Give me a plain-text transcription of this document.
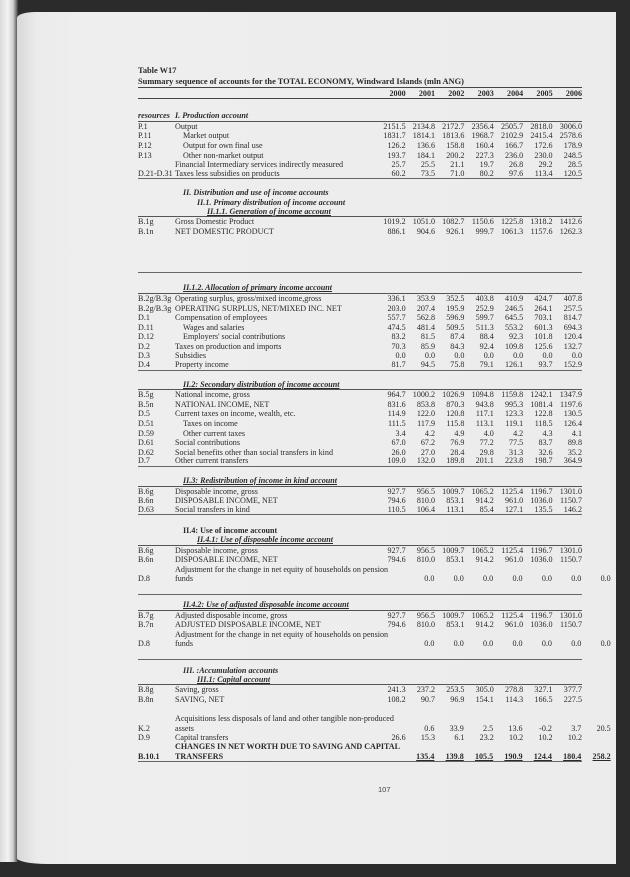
Table W17
Summary sequence of accounts for the TOTAL ECONOMY, Windward Islands (mln ANG)
2000	2001	2002	2003	2004	2005	2006
resources I. Production account
P.1	Output	2151.5 2134.8 2172.7 2356.4 2505.7 2818.0 3006.0
P.11	Market output	1831.7 1814.1 1813.6 1968.7 2102.9 2415.4 2578.6
P.12	Output for own final use	126.2	136.6	158.8	160.4	166.7	172.6	178.9
P.13	Other non-market output	193.7	184.1	200.2	227.3	236.0	230.0	248.5
Financial Intermediary services indirectly measured	25.7	25.5	21.1	19.7	26.8	29.2	28.5
D.21-D.31 Taxes less subsidies on products	60.2	73.5	71.0	80.2	97.6	113.4	120.5
II. Distribution and use of income accounts
II.1. Primary distribution of income account
II.1.1. Generation of income account
B.1g	Gross Domestic Product	1019.2 1051.0 1082.7 1150.6 1225.8 1318.2 1412.6
B.1n	NET DOMESTIC PRODUCT	886.1	904.6	926.1	999.7 1061.3 1157.6 1262.3
II.1.2. Allocation of primary income account
B.2g/B.3g Operating surplus, gross/mixed income,gross	336.1	353.9	352.5	403.8	410.9	424.7	407.8
B.2g/B.3g OPERATING SURPLUS, NET/MIXED INC. NET	203.0	207.4	195.9	252.9	246.5	264.1	257.5
D.1	Compensation of employees	557.7	562.8	596.9	599.7	645.5	703.1	814.7
D.11	Wages and salaries	474.5	481.4	509.5	511.3	553.2	601.3	694.3
D.12	Employers' social contributions	83.2	81.5	87.4	88.4	92.3	101.8	120.4
D.2	Taxes on production and imports	70.3	85.9	84.3	92.4	109.8	125.6	132.7
D.3	Subsidies	0.0	0.0	0.0	0.0	0.0	0.0	0.0
D.4	Property income	81.7	94.5	75.8	79.1	126.1	93.7	152.9
II.2: Secondary distribution of income account
B.5g	National income, gross	964.7 1000.2 1026.9 1094.8 1159.8 1242.1 1347.9
B.5n	NATIONAL INCOME, NET	831.6	853.8	870.3	943.8	995.3 1081.4 1197.6
D.5	Current taxes on income, wealth, etc.	114.9	122.0	120.8	117.1	123.3	122.8	130.5
D.51	Taxes on income	111.5	117.9	115.8	113.1	119.1	118.5	126.4
D.59	Other current taxes	3.4	4.2	4.9	4.0	4.2	4.3	4.1
D.61	Social contributions	67.0	67.2	76.9	77.2	77.5	83.7	89.8
D.62	Social benefits other than social transfers in kind	26.0	27.0	28.4	29.8	31.3	32.6	35.2
D.7	Other current transfers	109.0	132.0	189.8	201.1	223.8	198.7	364.9
II.3: Redistribution of income in kind account
B.6g	Disposable income, gross	927.7	956.5 1009.7 1065.2 1125.4 1196.7 1301.0
B.6n	DISPOSABLE INCOME, NET	794.6	810.0	853.1	914.2	961.0 1036.0 1150.7
D.63	Social transfers in kind	110.5	106.4	113.1	85.4	127.1	135.5	146.2
II.4: Use of income account
II.4.1: Use of disposable income account
B.6g	Disposable income, gross	927.7	956.5 1009.7 1065.2 1125.4 1196.7 1301.0
B.6n	DISPOSABLE INCOME, NET	794.6	810.0	853.1	914.2	961.0 1036.0 1150.7
D.8
Adjustment for the change in net equity of households on pension funds	0.0	0.0	0.0	0.0	0.0	0.0	0.0
II.4.2: Use of adjusted disposable income account
B.7g	Adjusted disposable income, gross	927.7	956.5 1009.7 1065.2 1125.4 1196.7 1301.0
B.7n	ADJUSTED DISPOSABLE INCOME, NET	794.6	810.0	853.1	914.2	961.0 1036.0 1150.7
D.8
Adjustment for the change in net equity of households on pension funds	0.0	0.0	0.0	0.0	0.0	0.0	0.0
III. :Accumulation accounts
III.1: Capital account
B.8g	Saving, gross	241.3	237.2	253.5	305.0	278.8	327.1	377.7
B.8n	SAVING, NET	108.2	90.7	96.9	154.1	114.3	166.5	227.5
K.2
Acquisitions less disposals of land and other tangible non-produced assets	0.6	33.9	2.5	13.6	-0.2	3.7	20.5
D.9	Capital transfers	26.6	15.3	6.1	23.2	10.2	10.2	10.2
B.10.1
CHANGES IN NET WORTH DUE TO SAVING AND CAPITAL TRANSFERS	135.4	139.8	105.5	190.9	124.4	180.4	258.2
107
